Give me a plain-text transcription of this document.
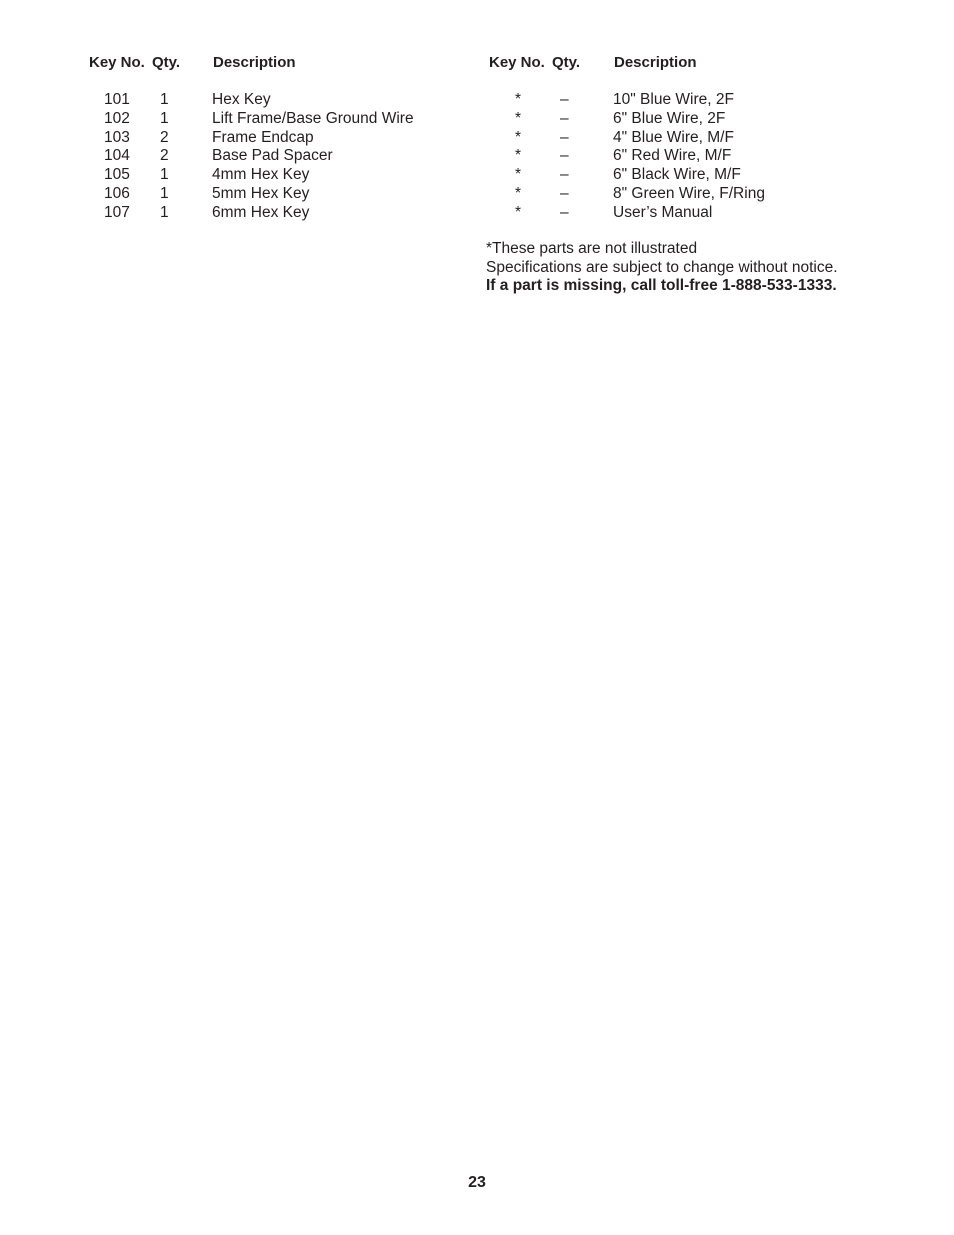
Key No. Qty. Description
101 1	Hex Key
102 1	Lift Frame/Base Ground Wire
103 2	Frame Endcap
104 2	Base Pad Spacer
105 1	4mm Hex Key
106 1	5mm Hex Key
107 1	6mm Hex Key
Key No. Qty. Description
*	–	10" Blue Wire, 2F
*	–	6" Blue Wire, 2F
*	–	4" Blue Wire, M/F
*	–	6" Red Wire, M/F
*	–	6" Black Wire, M/F
*	–	8" Green Wire, F/Ring
*	–	User’s Manual
*These parts are not illustrated
Specifications are subject to change without notice.
If a part is missing, call toll-free 1-888-533-1333.
23
